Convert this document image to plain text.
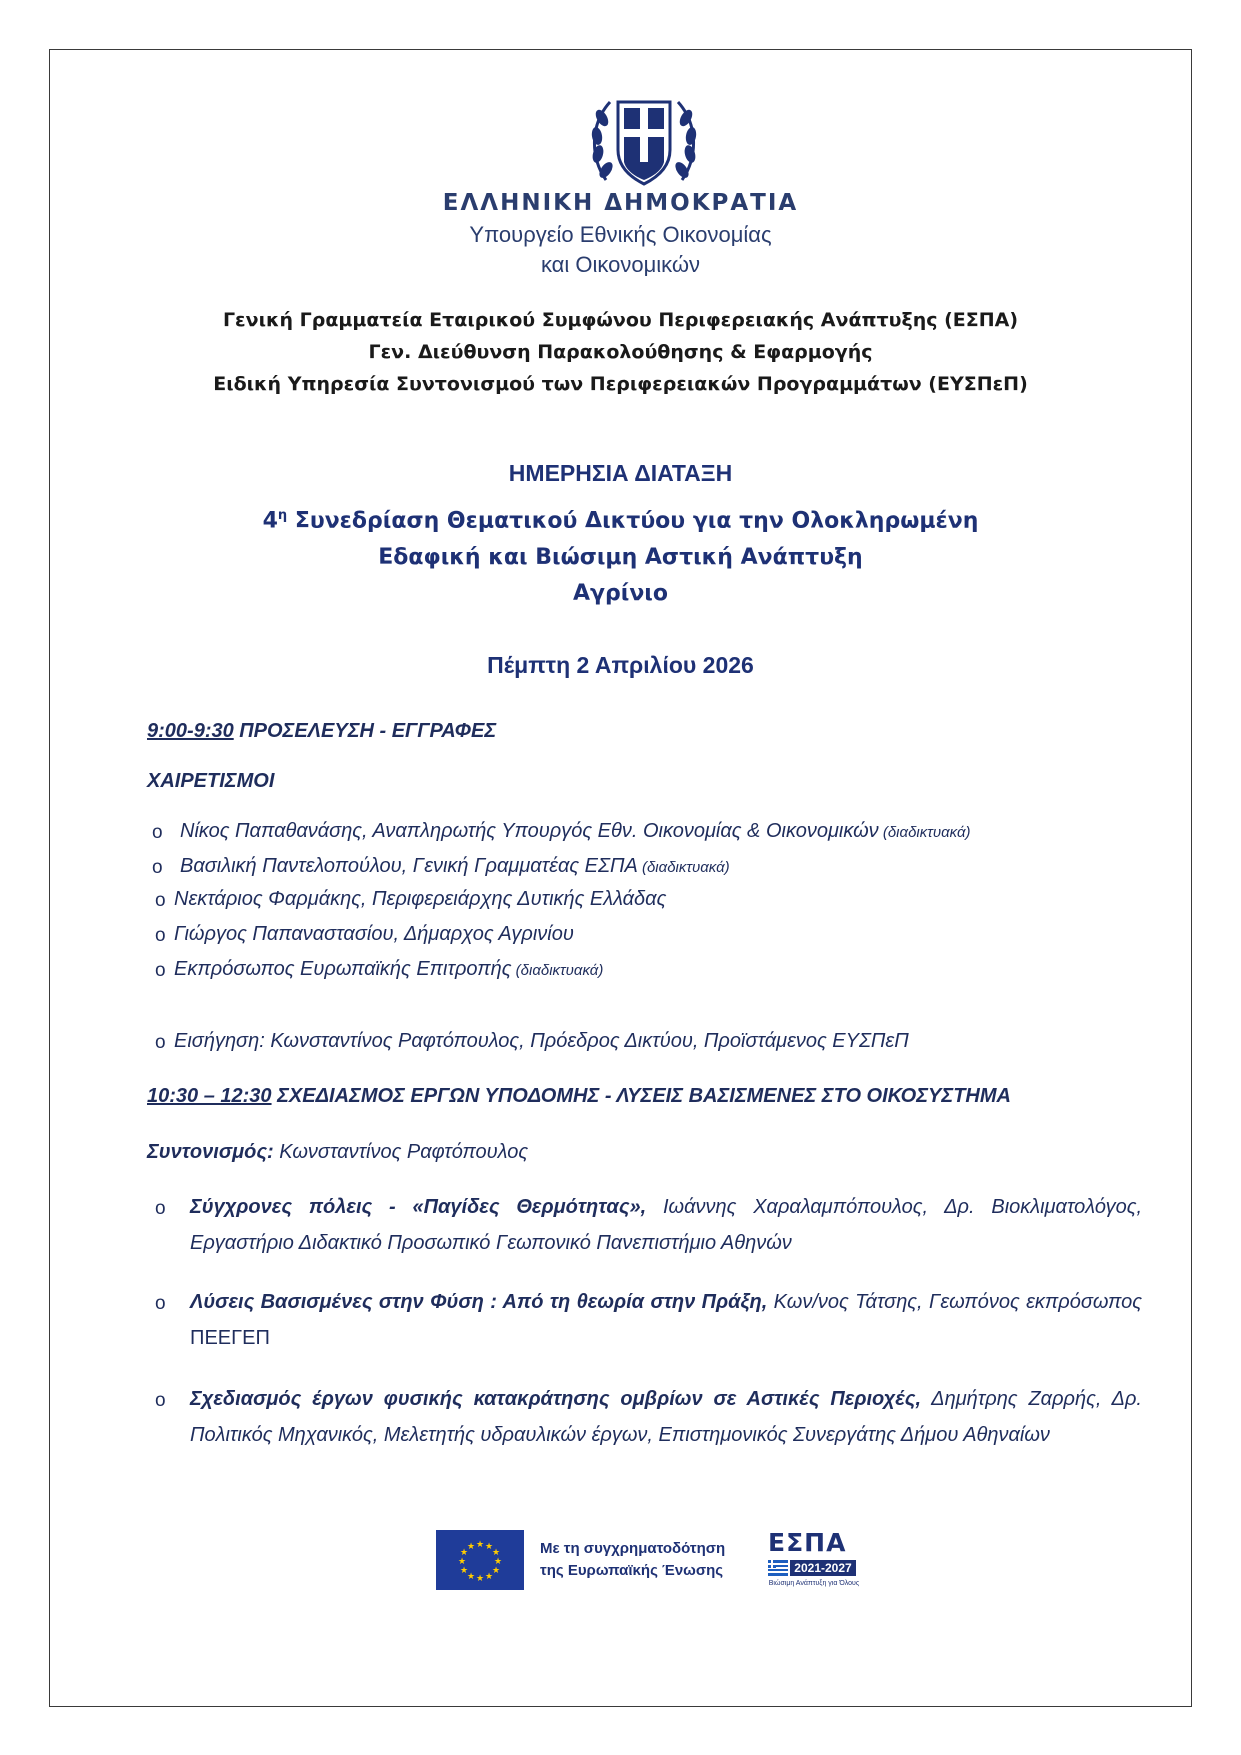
ΕΛΛΗΝΙΚΗ ΔΗΜΟΚΡΑΤΙΑ
Υπουργείο Εθνικής Οικονομίας
και Οικονομικών
Γενική Γραμματεία Εταιρικού Συμφώνου Περιφερειακής Ανάπτυξης (ΕΣΠΑ)
Γεν. Διεύθυνση Παρακολούθησης & Εφαρμογής
Ειδική Υπηρεσία Συντονισμού των Περιφερειακών Προγραμμάτων (ΕΥΣΠεΠ)
ΗΜΕΡΗΣΙΑ ΔΙΑΤΑΞΗ
$4^\eta$ Συνεδρίαση Θεματικού Δικτύου για την Ολοκληρωμένη
Εδαφική και Βιώσιμη Αστική Ανάπτυξη
Αγρίνιο
Πέμπτη 2 Απριλίου 2026
9:00-9:30 ΠΡΟΣΕΛΕΥΣΗ - ΕΓΓΡΑΦΕΣ
ΧΑΙΡΕΤΙΣΜΟΙ
o Νίκος Παπαθανάσης, Αναπληρωτής Υπουργός Εθν. Οικονομίας & Οικονομικών (διαδικτυακά)
o Βασιλική Παντελοπούλου, Γενική Γραμματέας ΕΣΠΑ (διαδικτυακά)
o Νεκτάριος Φαρμάκης, Περιφερειάρχης Δυτικής Ελλάδας
o Γιώργος Παπαναστασίου, Δήμαρχος Αγρινίου
o Εκπρόσωπος Ευρωπαϊκής Επιτροπής (διαδικτυακά)
o Εισήγηση: Κωνσταντίνος Ραφτόπουλος, Πρόεδρος Δικτύου, Προϊστάμενος ΕΥΣΠεΠ
10:30 – 12:30 ΣΧΕΔΙΑΣΜΟΣ ΕΡΓΩΝ ΥΠΟΔΟΜΗΣ - ΛΥΣΕΙΣ ΒΑΣΙΣΜΕΝΕΣ ΣΤΟ ΟΙΚΟΣΥΣΤΗΜΑ
Συντονισμός: Κωνσταντίνος Ραφτόπουλος
o Σύγχρονες πόλεις - «Παγίδες Θερμότητας», Ιωάννης Χαραλαμπόπουλος, Δρ. Βιοκλιματολόγος, Εργαστήριο Διδακτικό Προσωπικό Γεωπονικό Πανεπιστήμιο Αθηνών
o Λύσεις Βασισμένες στην Φύση : Από τη θεωρία στην Πράξη, Κων/νος Τάτσης, Γεωπόνος εκπρόσωπος ΠΕΕΓΕΠ
o Σχεδιασμός έργων φυσικής κατακράτησης ομβρίων σε Αστικές Περιοχές, Δημήτρης Ζαρρής, Δρ. Πολιτικός Μηχανικός, Μελετητής υδραυλικών έργων, Επιστημονικός Συνεργάτης Δήμου Αθηναίων
★ ★
★
★
★
★
★
★
★
★
★
★	Με τη συγχρηματοδότηση
της Ευρωπαϊκής Ένωσης
ΕΣΠΑ
2021-2027
Βιώσιμη Ανάπτυξη για Όλους
